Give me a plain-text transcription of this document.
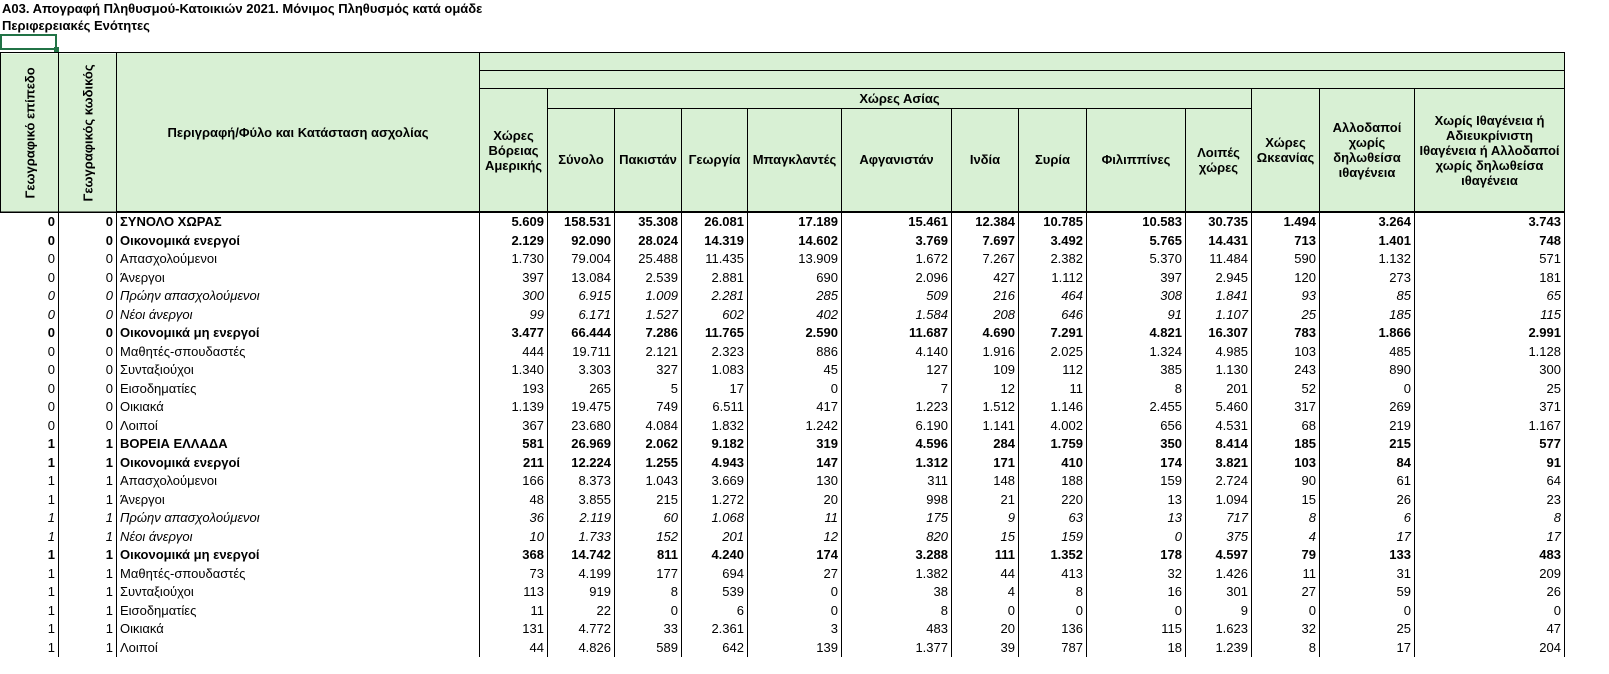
Α03. Απογραφή Πληθυσμού-Κατοικιών 2021. Μόνιμος Πληθυσμός κατά ομάδε
Περιφερειακές Ενότητες
Γεωγραφικό επίπεδο	Γεωγραφικός κωδικός	Περιγραφή/Φύλο και Κατάσταση ασχολίας													

			Χώρες Βόρειας Αμερικής	Χώρες Ασίας									Χώρες Ωκεανίας	Αλλοδαποί χωρίς δηλωθείσα ιθαγένεια	Χωρίς Ιθαγένεια ή Αδιευκρίνιστη Ιθαγένεια ή Αλλοδαποί χωρίς δηλωθείσα ιθαγένεια
				Σύνολο	Πακιστάν	Γεωργία	Μπαγκλαντές	Αφγανιστάν	Ινδία	Συρία	Φιλιππίνες	Λοιπές χώρες			
0	0	ΣΥΝΟΛΟ ΧΩΡΑΣ	5.609	158.531	35.308	26.081	17.189	15.461	12.384	10.785	10.583	30.735	1.494	3.264	3.743
0	0	Οικονομικά ενεργοί	2.129	92.090	28.024	14.319	14.602	3.769	7.697	3.492	5.765	14.431	713	1.401	748
0	0	Απασχολούμενοι	1.730	79.004	25.488	11.435	13.909	1.672	7.267	2.382	5.370	11.484	590	1.132	571
0	0	Άνεργοι	397	13.084	2.539	2.881	690	2.096	427	1.112	397	2.945	120	273	181
0	0	Πρώην απασχολούμενοι	300	6.915	1.009	2.281	285	509	216	464	308	1.841	93	85	65
0	0	Νέοι άνεργοι	99	6.171	1.527	602	402	1.584	208	646	91	1.107	25	185	115
0	0	Οικονομικά μη ενεργοί	3.477	66.444	7.286	11.765	2.590	11.687	4.690	7.291	4.821	16.307	783	1.866	2.991
0	0	Μαθητές-σπουδαστές	444	19.711	2.121	2.323	886	4.140	1.916	2.025	1.324	4.985	103	485	1.128
0	0	Συνταξιούχοι	1.340	3.303	327	1.083	45	127	109	112	385	1.130	243	890	300
0	0	Εισοδηματίες	193	265	5	17	0	7	12	11	8	201	52	0	25
0	0	Οικιακά	1.139	19.475	749	6.511	417	1.223	1.512	1.146	2.455	5.460	317	269	371
0	0	Λοιποί	367	23.680	4.084	1.832	1.242	6.190	1.141	4.002	656	4.531	68	219	1.167
1	1	ΒΟΡΕΙΑ ΕΛΛΑΔΑ	581	26.969	2.062	9.182	319	4.596	284	1.759	350	8.414	185	215	577
1	1	Οικονομικά ενεργοί	211	12.224	1.255	4.943	147	1.312	171	410	174	3.821	103	84	91
1	1	Απασχολούμενοι	166	8.373	1.043	3.669	130	311	148	188	159	2.724	90	61	64
1	1	Άνεργοι	48	3.855	215	1.272	20	998	21	220	13	1.094	15	26	23
1	1	Πρώην απασχολούμενοι	36	2.119	60	1.068	11	175	9	63	13	717	8	6	8
1	1	Νέοι άνεργοι	10	1.733	152	201	12	820	15	159	0	375	4	17	17
1	1	Οικονομικά μη ενεργοί	368	14.742	811	4.240	174	3.288	111	1.352	178	4.597	79	133	483
1	1	Μαθητές-σπουδαστές	73	4.199	177	694	27	1.382	44	413	32	1.426	11	31	209
1	1	Συνταξιούχοι	113	919	8	539	0	38	4	8	16	301	27	59	26
1	1	Εισοδηματίες	11	22	0	6	0	8	0	0	0	9	0	0	0
1	1	Οικιακά	131	4.772	33	2.361	3	483	20	136	115	1.623	32	25	47
1	1	Λοιποί	44	4.826	589	642	139	1.377	39	787	18	1.239	8	17	204
